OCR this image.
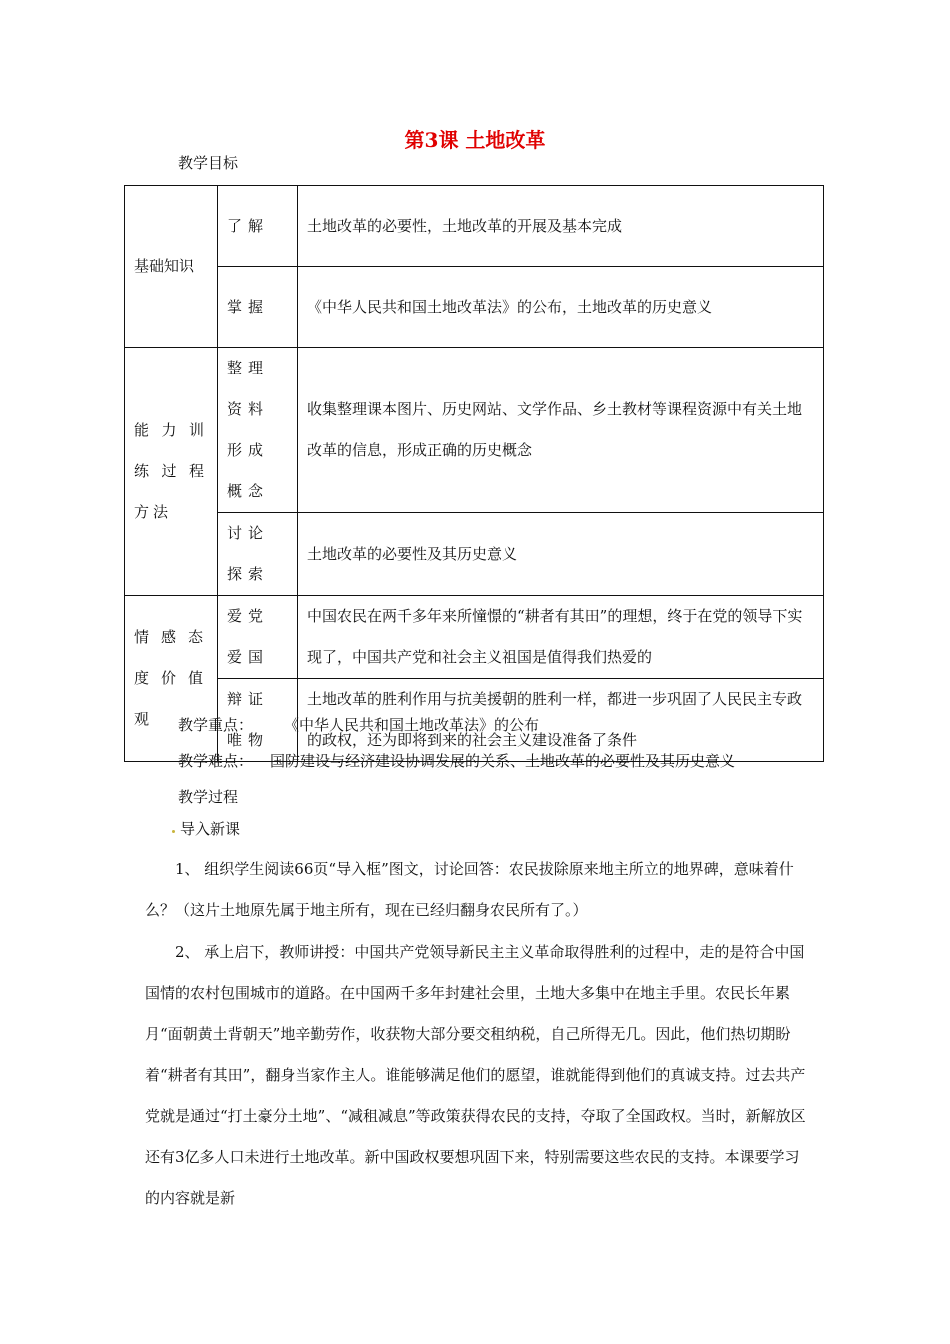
第3课 土地改革
教学目标
基础知识	了解	土地改革的必要性，土地改革的开展及基本完成
	掌握	《中华人民共和国土地改革法》的公布，土地改革的历史意义
能力训练过程方法	整理资料形成概念	收集整理课本图片、历史网站、文学作品、乡土教材等课程资源中有关土地改革的信息，形成正确的历史概念
	讨论探索	土地改革的必要性及其历史意义
情感态度价值观	爱党爱国	中国农民在两千多年来所憧憬的“耕者有其田”的理想，终于在党的领导下实现了，中国共产党和社会主义祖国是值得我们热爱的
	辩证唯物	土地改革的胜利作用与抗美援朝的胜利一样，都进一步巩固了人民民主专政的政权，还为即将到来的社会主义建设准备了条件
教学重点： 《中华人民共和国土地改革法》的公布
教学难点： 国防建设与经济建设协调发展的关系、土地改革的必要性及其历史意义
教学过程
导入新课
1、 组织学生阅读66页“导入框”图文，讨论回答：农民拔除原来地主所立的地界碑，意味着什么？（这片土地原先属于地主所有，现在已经归翻身农民所有了。）
2、 承上启下，教师讲授：中国共产党领导新民主主义革命取得胜利的过程中，走的是符合中国国情的农村包围城市的道路。在中国两千多年封建社会里，土地大多集中在地主手里。农民长年累月“面朝黄土背朝天”地辛勤劳作，收获物大部分要交租纳税，自己所得无几。因此，他们热切期盼着“耕者有其田”，翻身当家作主人。谁能够满足他们的愿望，谁就能得到他们的真诚支持。过去共产党就是通过“打土豪分土地”、“减租减息”等政策获得农民的支持，夺取了全国政权。当时，新解放区还有3亿多人口未进行土地改革。新中国政权要想巩固下来，特别需要这些农民的支持。本课要学习的内容就是新
